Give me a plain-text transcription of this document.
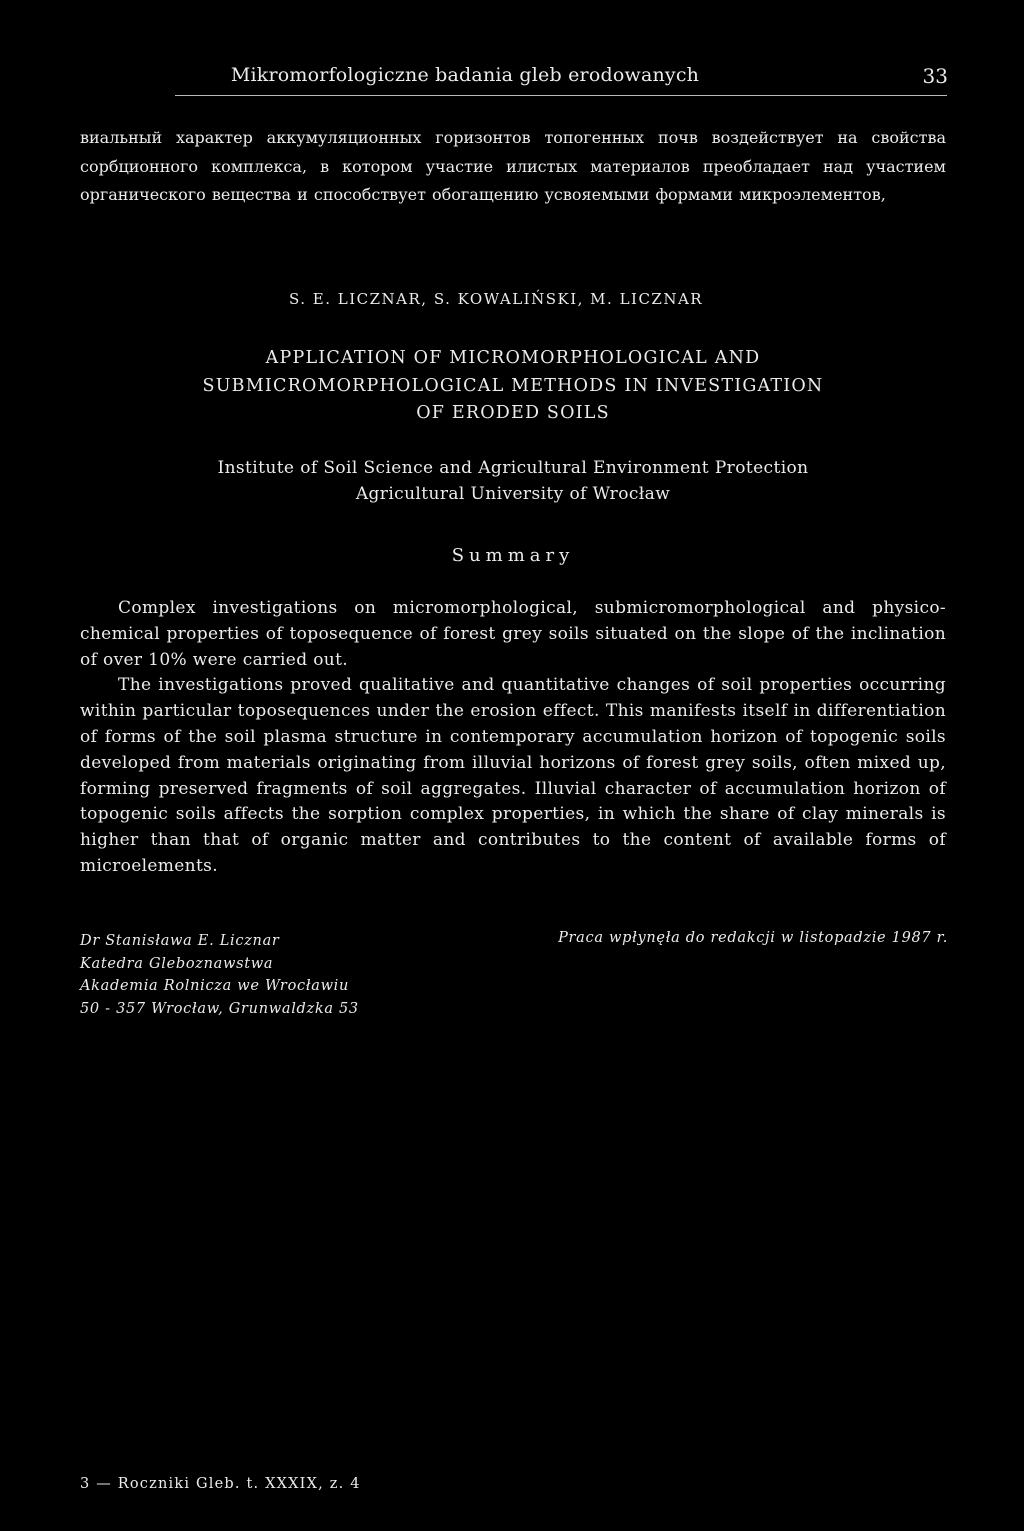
Mikromorfologiczne badania gleb erodowanych	33
виальный характер аккумуляционных горизонтов топогенных почв воздействует на свойства сорбционного комплекса, в котором участие илистых материалов преобладает над участием органического вещества и способствует обогащению усвояемыми формами микроэлементов,
S. E. LICZNAR, S. KOWALIŃSKI, M. LICZNAR
APPLICATION OF MICROMORPHOLOGICAL AND
SUBMICROMORPHOLOGICAL METHODS IN INVESTIGATION
OF ERODED SOILS
Institute of Soil Science and Agricultural Environment Protection
Agricultural University of Wrocław
Summary

Complex investigations on micromorphological, submicromorphological and physico-chemical properties of toposequence of forest grey soils situated on the slope of the inclination of over 10% were carried out.

The investigations proved qualitative and quantitative changes of soil properties occurring within particular toposequences under the erosion effect. This manifests itself in differentiation of forms of the soil plasma structure in contemporary accumulation horizon of topogenic soils developed from materials originating from illuvial horizons of forest grey soils, often mixed up, forming preserved fragments of soil aggregates. Illuvial character of accumulation horizon of topogenic soils affects the sorption complex properties, in which the share of clay minerals is higher than that of organic matter and contributes to the content of available forms of microelements.

Dr Stanisława E. Licznar
Katedra Gleboznawstwa
Akademia Rolnicza we Wrocławiu
50 - 357 Wrocław, Grunwaldzka 53
Praca wpłynęła do redakcji w listopadzie 1987 r.
3 — Roczniki Gleb. t. XXXIX, z. 4
